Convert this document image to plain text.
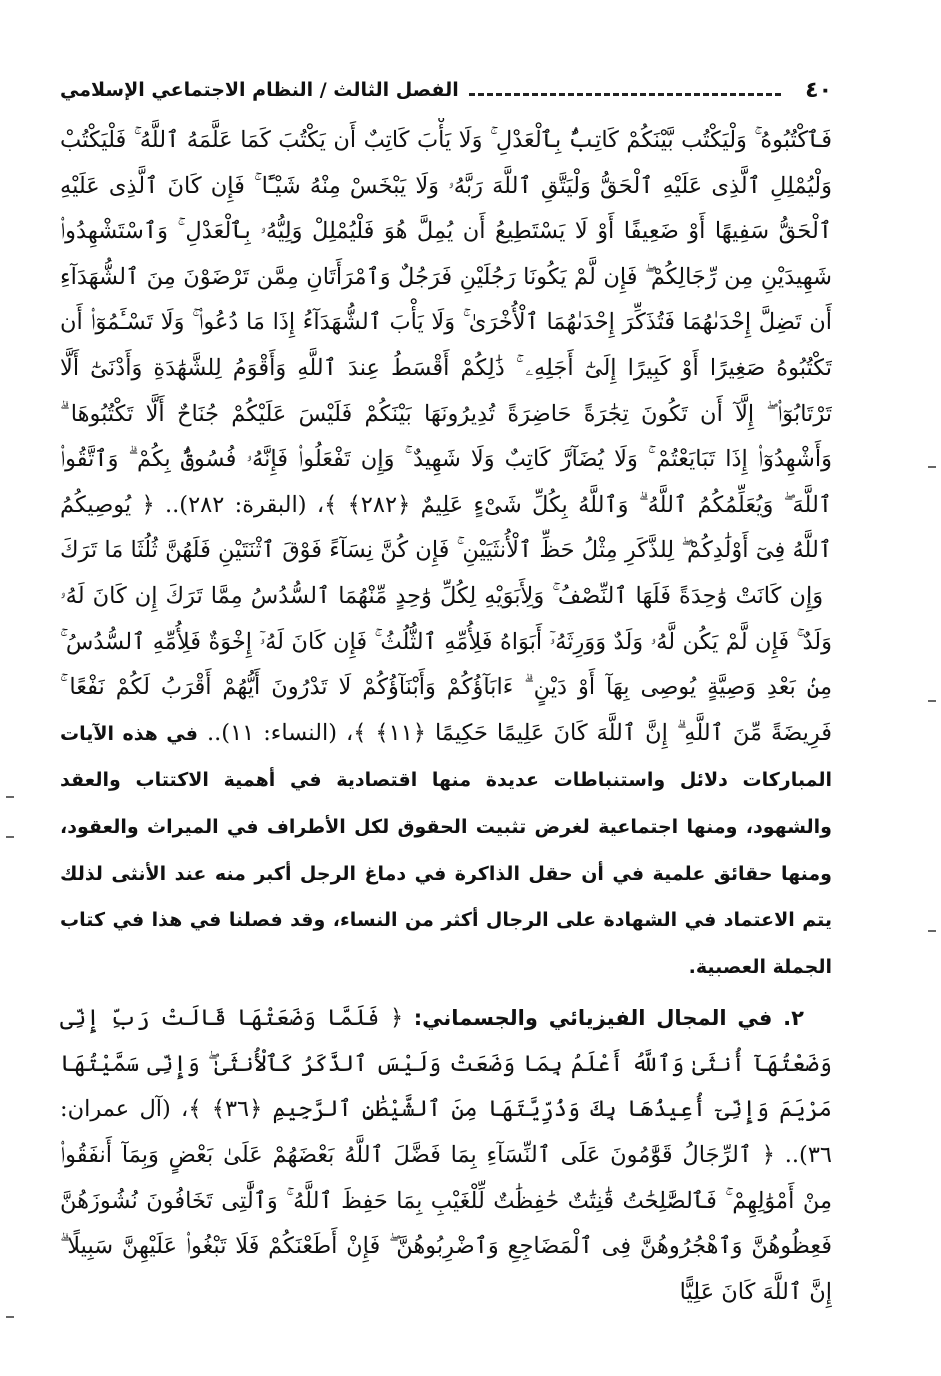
٤٠
الفصل الثالث / النظام الاجتماعي الإسلامي

فَٱكْتُبُوهُ ۚ وَلْيَكْتُب بَّيْنَكُمْ كَاتِبٌۢ بِٱلْعَدْلِ ۚ وَلَا يَأْبَ كَاتِبٌ أَن يَكْتُبَ كَمَا عَلَّمَهُ ٱللَّهُ ۚ فَلْيَكْتُبْ وَلْيُمْلِلِ ٱلَّذِى عَلَيْهِ ٱلْحَقُّ وَلْيَتَّقِ ٱللَّهَ رَبَّهُۥ وَلَا يَبْخَسْ مِنْهُ شَيْـًٔا ۚ فَإِن كَانَ ٱلَّذِى عَلَيْهِ ٱلْحَقُّ سَفِيهًا أَوْ ضَعِيفًا أَوْ لَا يَسْتَطِيعُ أَن يُمِلَّ هُوَ فَلْيُمْلِلْ وَلِيُّهُۥ بِٱلْعَدْلِ ۚ وَٱسْتَشْهِدُوا۟ شَهِيدَيْنِ مِن رِّجَالِكُمْ ۖ فَإِن لَّمْ يَكُونَا رَجُلَيْنِ فَرَجُلٌ وَٱمْرَأَتَانِ مِمَّن تَرْضَوْنَ مِنَ ٱلشُّهَدَآءِ أَن تَضِلَّ إِحْدَىٰهُمَا فَتُذَكِّرَ إِحْدَىٰهُمَا ٱلْأُخْرَىٰ ۚ وَلَا يَأْبَ ٱلشُّهَدَآءُ إِذَا مَا دُعُوا۟ ۚ وَلَا تَسْـَٔمُوٓا۟ أَن تَكْتُبُوهُ صَغِيرًا أَوْ كَبِيرًا إِلَىٰٓ أَجَلِهِۦ ۚ ذَٰلِكُمْ أَقْسَطُ عِندَ ٱللَّهِ وَأَقْوَمُ لِلشَّهَٰدَةِ وَأَدْنَىٰٓ أَلَّا تَرْتَابُوٓا۟ ۖ إِلَّآ أَن تَكُونَ تِجَٰرَةً حَاضِرَةً تُدِيرُونَهَا بَيْنَكُمْ فَلَيْسَ عَلَيْكُمْ جُنَاحٌ أَلَّا تَكْتُبُوهَا ۗ وَأَشْهِدُوٓا۟ إِذَا تَبَايَعْتُمْ ۚ وَلَا يُضَآرَّ كَاتِبٌ وَلَا شَهِيدٌ ۚ وَإِن تَفْعَلُوا۟ فَإِنَّهُۥ فُسُوقٌۢ بِكُمْ ۗ وَٱتَّقُوا۟ ٱللَّهَ ۖ وَيُعَلِّمُكُمُ ٱللَّهُ ۗ وَٱللَّهُ بِكُلِّ شَىْءٍ عَلِيمٌ ﴿٢٨٢﴾ ﴾، (البقرة: ٢٨٢).. ﴿ يُوصِيكُمُ ٱللَّهُ فِىٓ أَوْلَٰدِكُمْ ۖ لِلذَّكَرِ مِثْلُ حَظِّ ٱلْأُنثَيَيْنِ ۚ فَإِن كُنَّ نِسَآءً فَوْقَ ٱثْنَتَيْنِ فَلَهُنَّ ثُلُثَا مَا تَرَكَ ۖ وَإِن كَانَتْ وَٰحِدَةً فَلَهَا ٱلنِّصْفُ ۚ وَلِأَبَوَيْهِ لِكُلِّ وَٰحِدٍ مِّنْهُمَا ٱلسُّدُسُ مِمَّا تَرَكَ إِن كَانَ لَهُۥ وَلَدٌ ۚ فَإِن لَّمْ يَكُن لَّهُۥ وَلَدٌ وَوَرِثَهُۥٓ أَبَوَاهُ فَلِأُمِّهِ ٱلثُّلُثُ ۚ فَإِن كَانَ لَهُۥٓ إِخْوَةٌ فَلِأُمِّهِ ٱلسُّدُسُ ۚ مِنۢ بَعْدِ وَصِيَّةٍ يُوصِى بِهَآ أَوْ دَيْنٍ ۗ ءَابَآؤُكُمْ وَأَبْنَآؤُكُمْ لَا تَدْرُونَ أَيُّهُمْ أَقْرَبُ لَكُمْ نَفْعًا ۚ فَرِيضَةً مِّنَ ٱللَّهِ ۗ إِنَّ ٱللَّهَ كَانَ عَلِيمًا حَكِيمًا ﴿١١﴾ ﴾، (النساء: ١١).. في هذه الآيات المباركات دلائل واستنباطات عديدة منها اقتصادية في أهمية الاكتتاب والعقد والشهود، ومنها اجتماعية لغرض تثبيت الحقوق لكل الأطراف في الميراث والعقود، ومنها حقائق علمية في أن حقل الذاكرة في دماغ الرجل أكبر منه عند الأنثى لذلك يتم الاعتماد في الشهادة على الرجال أكثر من النساء، وقد فصلنا في هذا في كتاب الجملة العصبية.

٢. في المجال الفيزيائي والجسماني: ﴿ فَلَمَّا وَضَعَتْهَا قَالَتْ رَبِّ إِنِّى وَضَعْتُهَآ أُنثَىٰ وَٱللَّهُ أَعْلَمُ بِمَا وَضَعَتْ وَلَيْسَ ٱلذَّكَرُ كَٱلْأُنثَىٰ ۖ وَإِنِّى سَمَّيْتُهَا مَرْيَمَ وَإِنِّىٓ أُعِيذُهَا بِكَ وَذُرِّيَّتَهَا مِنَ ٱلشَّيْطَٰنِ ٱلرَّجِيمِ ﴿٣٦﴾ ﴾، (آل عمران: ٣٦).. ﴿ ٱلرِّجَالُ قَوَّٰمُونَ عَلَى ٱلنِّسَآءِ بِمَا فَضَّلَ ٱللَّهُ بَعْضَهُمْ عَلَىٰ بَعْضٍ وَبِمَآ أَنفَقُوا۟ مِنْ أَمْوَٰلِهِمْ ۚ فَٱلصَّٰلِحَٰتُ قَٰنِتَٰتٌ حَٰفِظَٰتٌ لِّلْغَيْبِ بِمَا حَفِظَ ٱللَّهُ ۚ وَٱلَّٰتِى تَخَافُونَ نُشُوزَهُنَّ فَعِظُوهُنَّ وَٱهْجُرُوهُنَّ فِى ٱلْمَضَاجِعِ وَٱضْرِبُوهُنَّ ۖ فَإِنْ أَطَعْنَكُمْ فَلَا تَبْغُوا۟ عَلَيْهِنَّ سَبِيلًا ۗ إِنَّ ٱللَّهَ كَانَ عَلِيًّا
